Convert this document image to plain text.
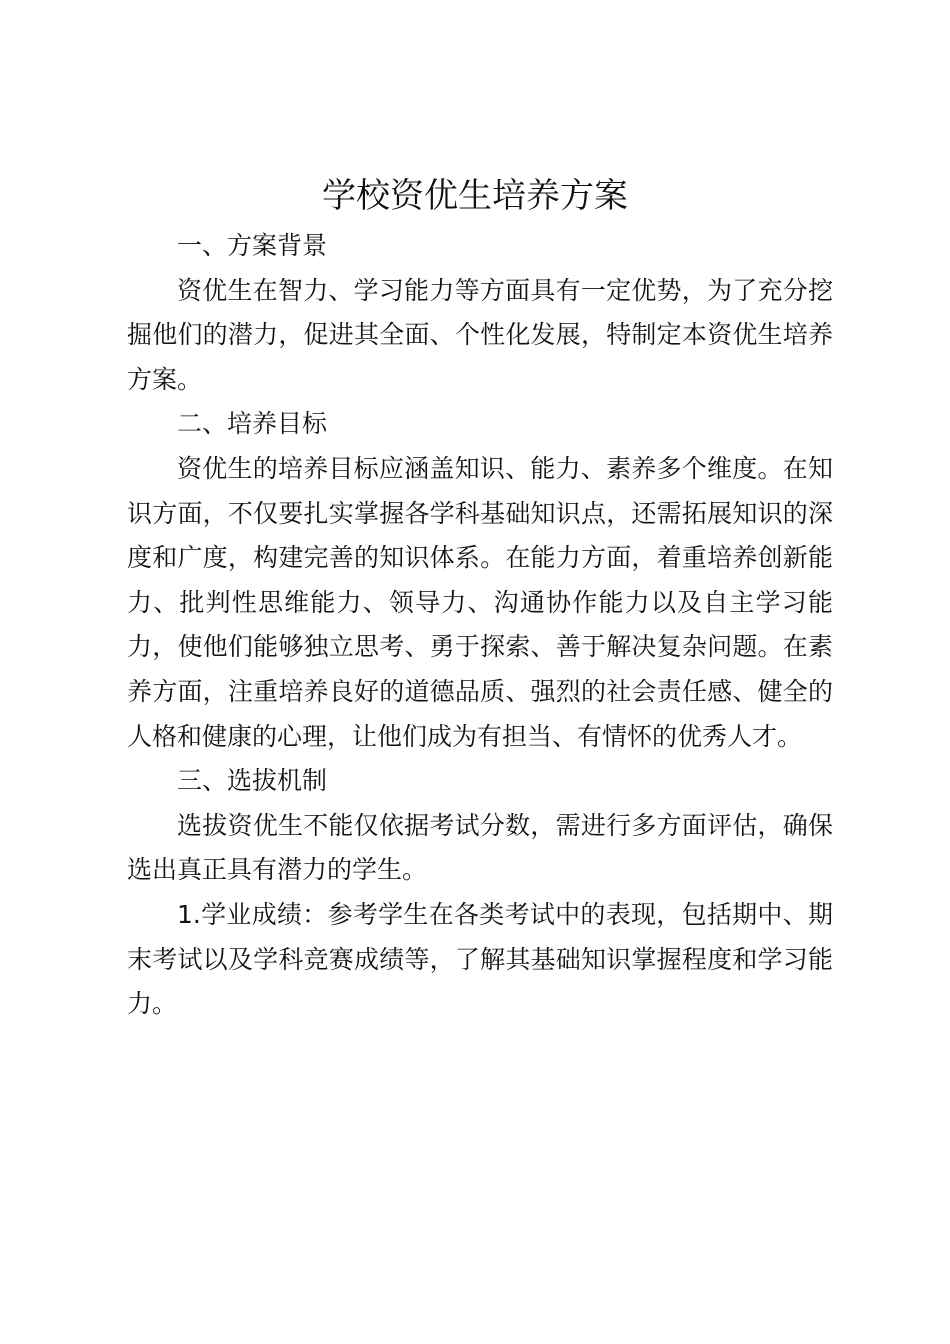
学校资优生培养方案

一、方案背景

资优生在智力、学习能力等方面具有一定优势，为了充分挖掘他们的潜力，促进其全面、个性化发展，特制定本资优生培养方案。

二、培养目标

资优生的培养目标应涵盖知识、能力、素养多个维度。在知识方面，不仅要扎实掌握各学科基础知识点，还需拓展知识的深度和广度，构建完善的知识体系。在能力方面，着重培养创新能力、批判性思维能力、领导力、沟通协作能力以及自主学习能力，使他们能够独立思考、勇于探索、善于解决复杂问题。在素养方面，注重培养良好的道德品质、强烈的社会责任感、健全的人格和健康的心理，让他们成为有担当、有情怀的优秀人才。

三、选拔机制

选拔资优生不能仅依据考试分数，需进行多方面评估，确保选出真正具有潜力的学生。

1.学业成绩：参考学生在各类考试中的表现，包括期中、期末考试以及学科竞赛成绩等，了解其基础知识掌握程度和学习能力。
